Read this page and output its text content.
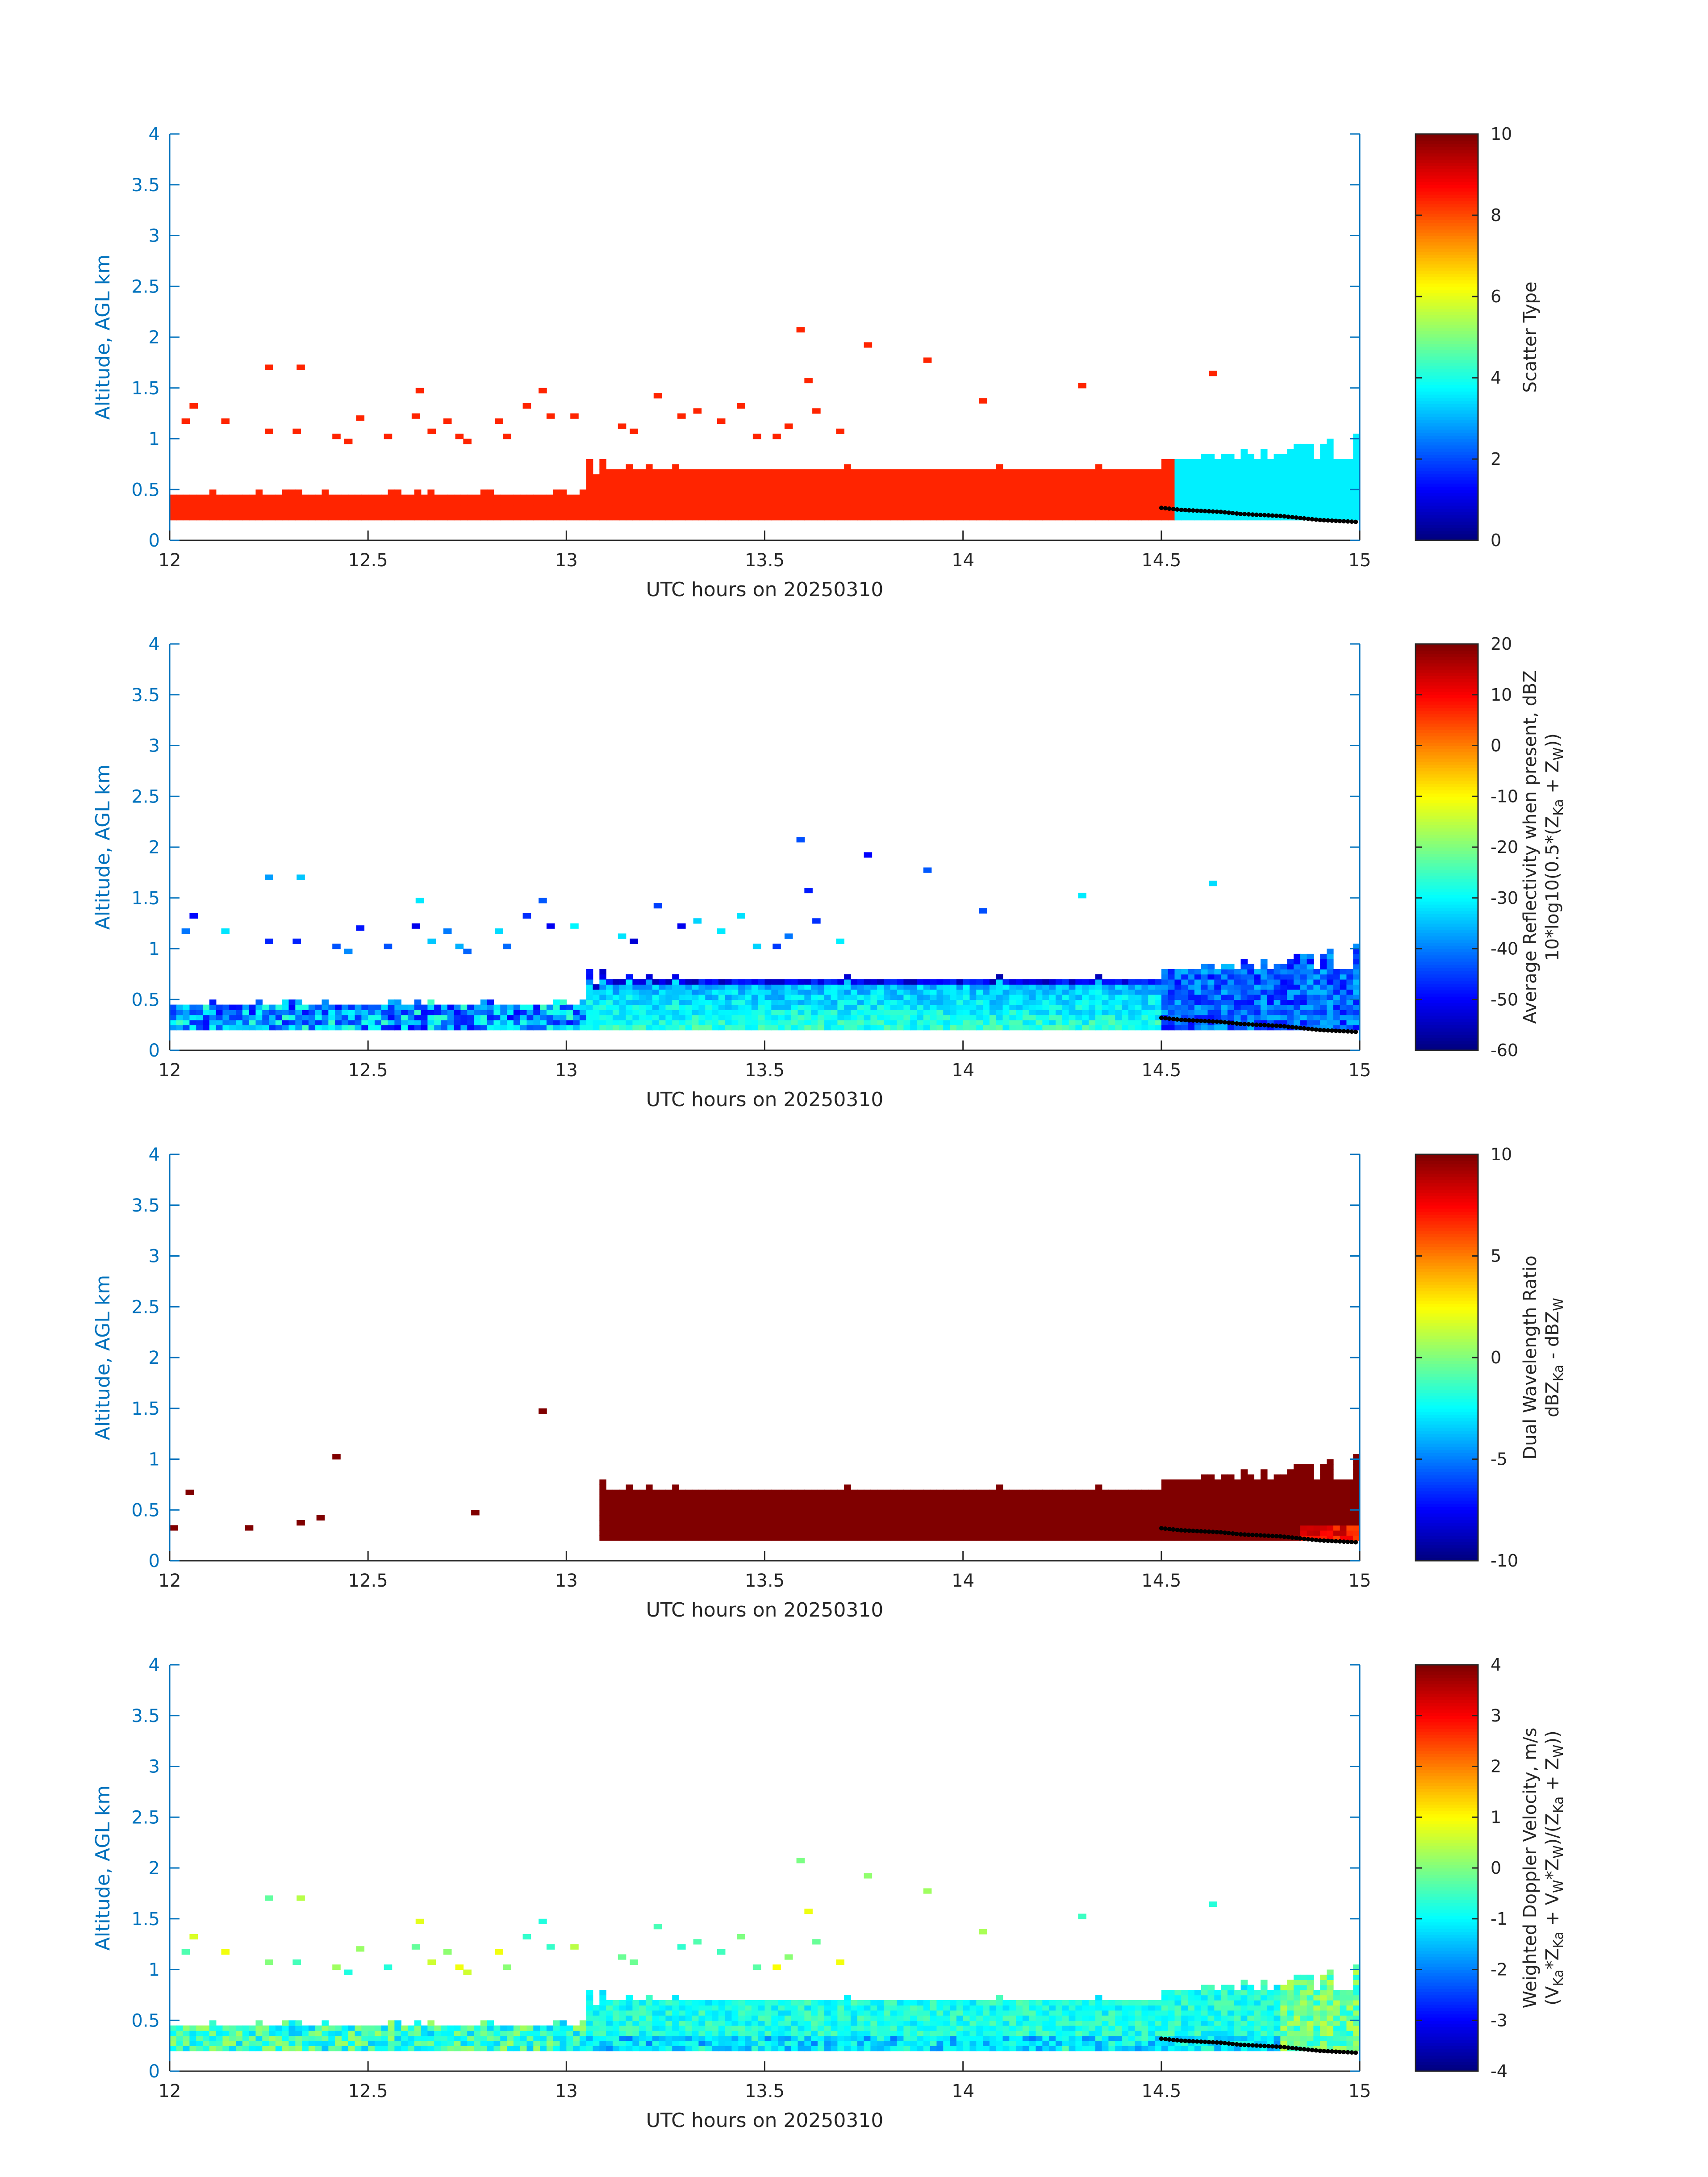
12	12.5	13	13.5	14	14.5	15
0
0.5
1
1.5
2
2.5
3
3.5
4
UTC hours on 20250310
Altitude, AGL km
0
2
4
6
8
10
Scatter Type
12	12.5	13	13.5	14	14.5	15
0
0.5
1
1.5
2
2.5
3
3.5
4
UTC hours on 20250310
Altitude, AGL km
-60
-50
-40
-30
-20
-10
0
10
20
Average Reflectivity when present, dBZ $10*\log 10(0.5*(Z_{Ka} + Z_W))$
12	12.5	13	13.5	14	14.5	15
0
0.5
1
1.5
2
2.5
3
3.5
4
UTC hours on 20250310
Altitude, AGL km
-10
-5
0
5
10
Dual Wavelength Ratio dBZ$_{Ka}$ - dBZ$_W$
12	12.5	13	13.5	14	14.5	15
0
0.5
1
1.5
2
2.5
3
3.5
4
UTC hours on 20250310
Altitude, AGL km
-4
-3
-2
-1
0
1
2
3
4
Weighted Doppler Velocity, m/s $(V_{Ka}*Z_{Ka} + V_W*Z_W)/(Z_{Ka} + Z_W)$)
